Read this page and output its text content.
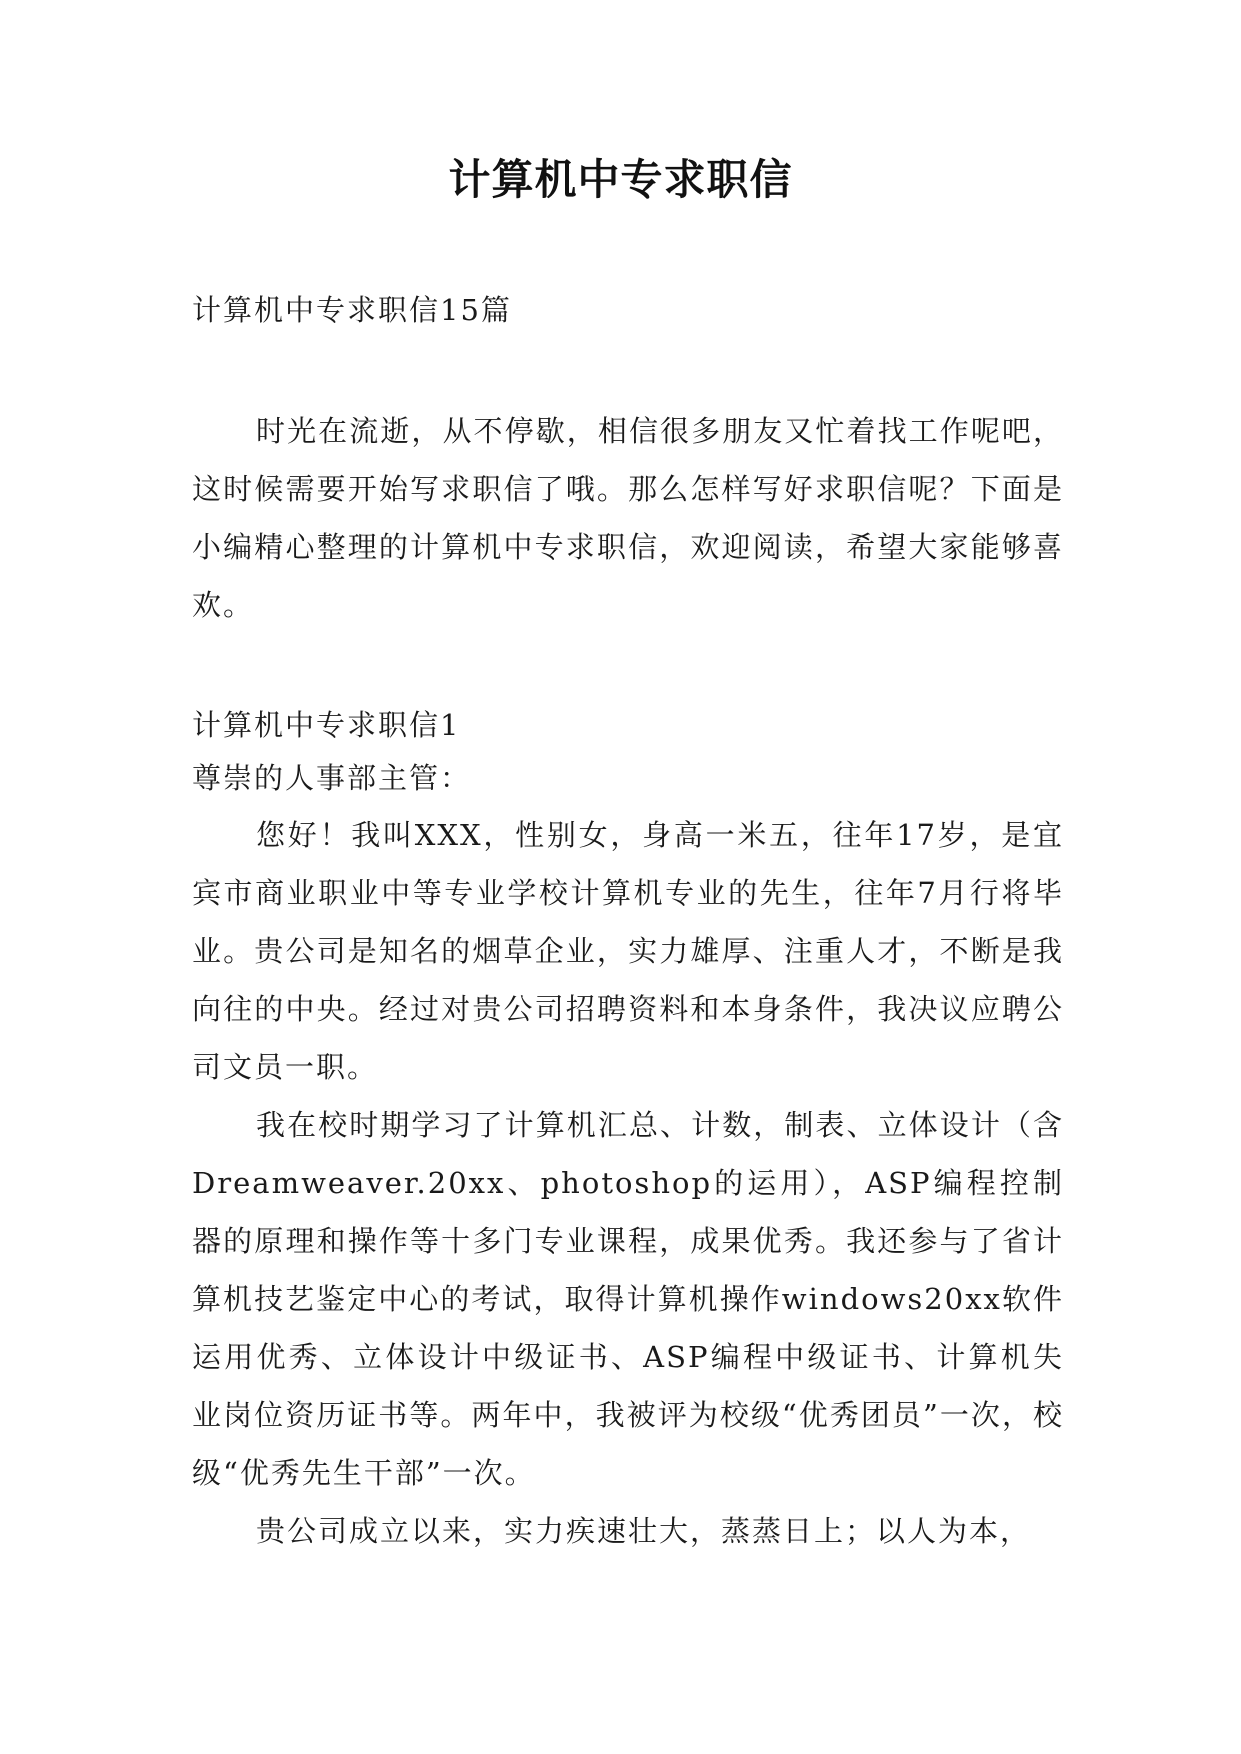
计算机中专求职信
计算机中专求职信15篇
时光在流逝，从不停歇，相信很多朋友又忙着找工作呢吧，这时候需要开始写求职信了哦。那么怎样写好求职信呢？下面是小编精心整理的计算机中专求职信，欢迎阅读，希望大家能够喜欢。
计算机中专求职信1
尊崇的人事部主管：

您好！我叫XXX，性别女，身高一米五，往年17岁，是宜宾市商业职业中等专业学校计算机专业的先生，往年7月行将毕业。贵公司是知名的烟草企业，实力雄厚、注重人才，不断是我向往的中央。经过对贵公司招聘资料和本身条件，我决议应聘公司文员一职。

我在校时期学习了计算机汇总、计数，制表、立体设计（含Dreamweaver.20xx、photoshop的运用），ASP编程控制器的原理和操作等十多门专业课程，成果优秀。我还参与了省计算机技艺鉴定中心的考试，取得计算机操作windows20xx软件运用优秀、立体设计中级证书、ASP编程中级证书、计算机失业岗位资历证书等。两年中，我被评为校级“优秀团员”一次，校级“优秀先生干部”一次。

贵公司成立以来，实力疾速壮大，蒸蒸日上；以人为本，
